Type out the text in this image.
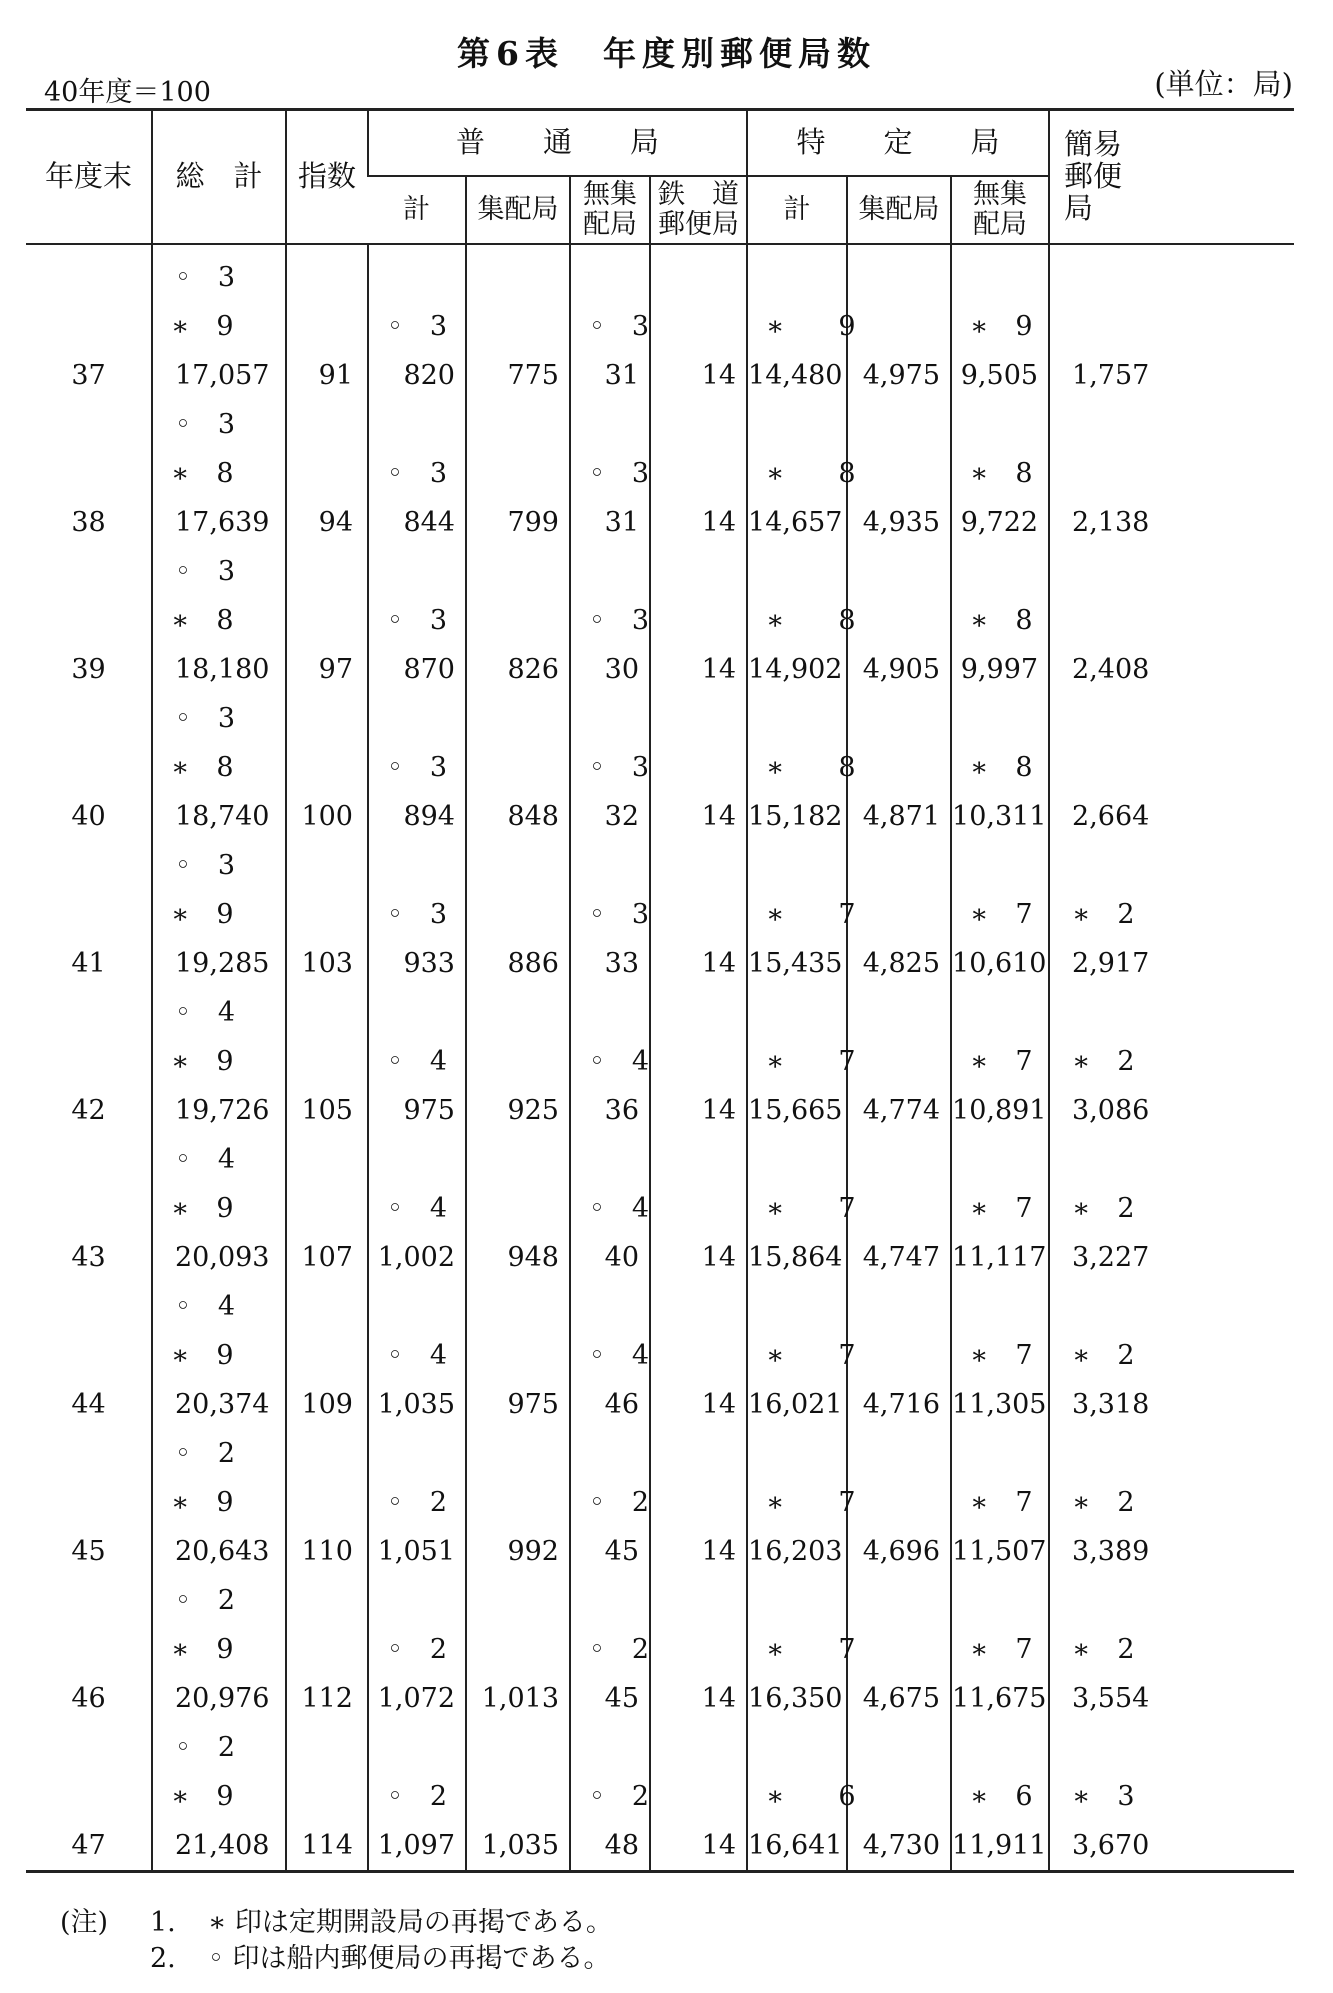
第6表　年度別郵便局数
40年度＝100	(単位：局)
年度末	総　計	指数	普　　通　　局				特　　定　　局			簡易郵便局
			計	集配局	無集配局	鉄　道郵便局	計	集配局	無集配局	
	◦　3									
	∗　9		◦　3		◦　3		∗　　9		∗　9	
37	17,057	91	820	775	31	14	14,480	4,975	9,505	1,757
	◦　3									
	∗　8		◦　3		◦　3		∗　　8		∗　8	
38	17,639	94	844	799	31	14	14,657	4,935	9,722	2,138
	◦　3									
	∗　8		◦　3		◦　3		∗　　8		∗　8	
39	18,180	97	870	826	30	14	14,902	4,905	9,997	2,408
	◦　3									
	∗　8		◦　3		◦　3		∗　　8		∗　8	
40	18,740	100	894	848	32	14	15,182	4,871	10,311	2,664
	◦　3									
	∗　9		◦　3		◦　3		∗　　7		∗　7	∗　2
41	19,285	103	933	886	33	14	15,435	4,825	10,610	2,917
	◦　4									
	∗　9		◦　4		◦　4		∗　　7		∗　7	∗　2
42	19,726	105	975	925	36	14	15,665	4,774	10,891	3,086
	◦　4									
	∗　9		◦　4		◦　4		∗　　7		∗　7	∗　2
43	20,093	107	1,002	948	40	14	15,864	4,747	11,117	3,227
	◦　4									
	∗　9		◦　4		◦　4		∗　　7		∗　7	∗　2
44	20,374	109	1,035	975	46	14	16,021	4,716	11,305	3,318
	◦　2									
	∗　9		◦　2		◦　2		∗　　7		∗　7	∗　2
45	20,643	110	1,051	992	45	14	16,203	4,696	11,507	3,389
	◦　2									
	∗　9		◦　2		◦　2		∗　　7		∗　7	∗　2
46	20,976	112	1,072	1,013	45	14	16,350	4,675	11,675	3,554
	◦　2									
	∗　9		◦　2		◦　2		∗　　6		∗　6	∗　3
47	21,408	114	1,097	1,035	48	14	16,641	4,730	11,911	3,670
(注) 1. ∗ 印は定期開設局の再掲である。
2. ◦ 印は船内郵便局の再掲である。
